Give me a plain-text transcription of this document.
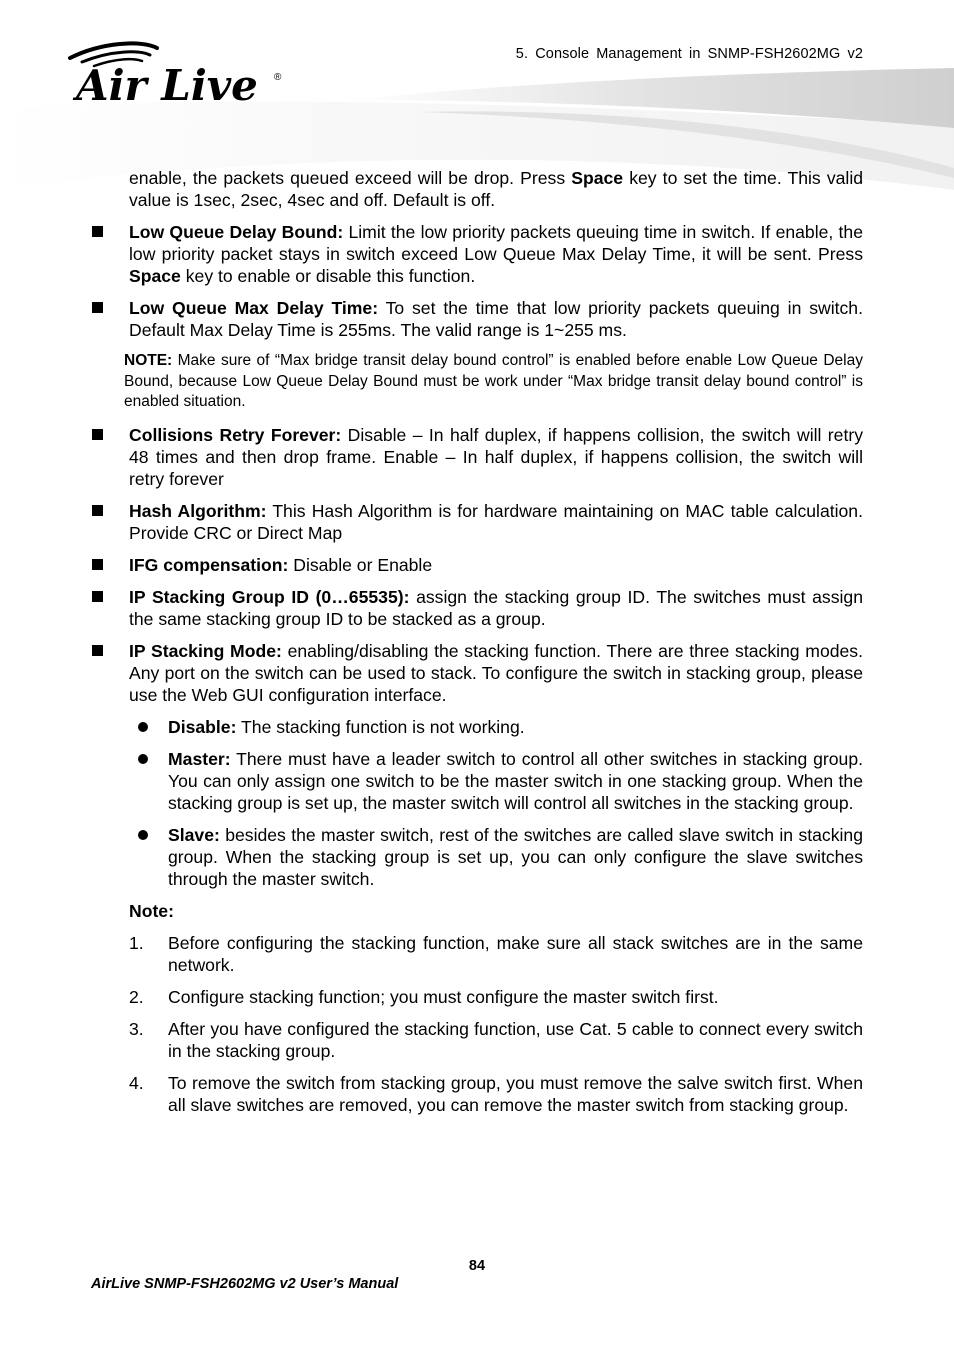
Air Live ®
5. Console Management in SNMP-FSH2602MG v2

enable, the packets queued exceed will be drop. Press Space key to set the time. This valid value is 1sec, 2sec, 4sec and off. Default is off.

Low Queue Delay Bound: Limit the low priority packets queuing time in switch. If enable, the low priority packet stays in switch exceed Low Queue Max Delay Time, it will be sent. Press Space key to enable or disable this function.
Low Queue Max Delay Time: To set the time that low priority packets queuing in switch. Default Max Delay Time is 255ms. The valid range is 1~255 ms.

NOTE: Make sure of “Max bridge transit delay bound control” is enabled before enable Low Queue Delay Bound, because Low Queue Delay Bound must be work under “Max bridge transit delay bound control” is enabled situation.

Collisions Retry Forever: Disable – In half duplex, if happens collision, the switch will retry 48 times and then drop frame. Enable – In half duplex, if happens collision, the switch will retry forever
Hash Algorithm: This Hash Algorithm is for hardware maintaining on MAC table calculation. Provide CRC or Direct Map
IFG compensation: Disable or Enable
IP Stacking Group ID (0…65535): assign the stacking group ID. The switches must assign the same stacking group ID to be stacked as a group.
IP Stacking Mode: enabling/disabling the stacking function. There are three stacking modes. Any port on the switch can be used to stack. To configure the switch in stacking group, please use the Web GUI configuration interface.
Disable: The stacking function is not working.
Master: There must have a leader switch to control all other switches in stacking group. You can only assign one switch to be the master switch in one stacking group. When the stacking group is set up, the master switch will control all switches in the stacking group.
Slave: besides the master switch, rest of the switches are called slave switch in stacking group. When the stacking group is set up, you can only configure the slave switches through the master switch.

Note:

1. Before configuring the stacking function, make sure all stack switches are in the same network.
2. Configure stacking function; you must configure the master switch first.
3. After you have configured the stacking function, use Cat. 5 cable to connect every switch in the stacking group.
4. To remove the switch from stacking group, you must remove the salve switch first. When all slave switches are removed, you can remove the master switch from stacking group.
84
AirLive SNMP-FSH2602MG v2 User’s Manual
